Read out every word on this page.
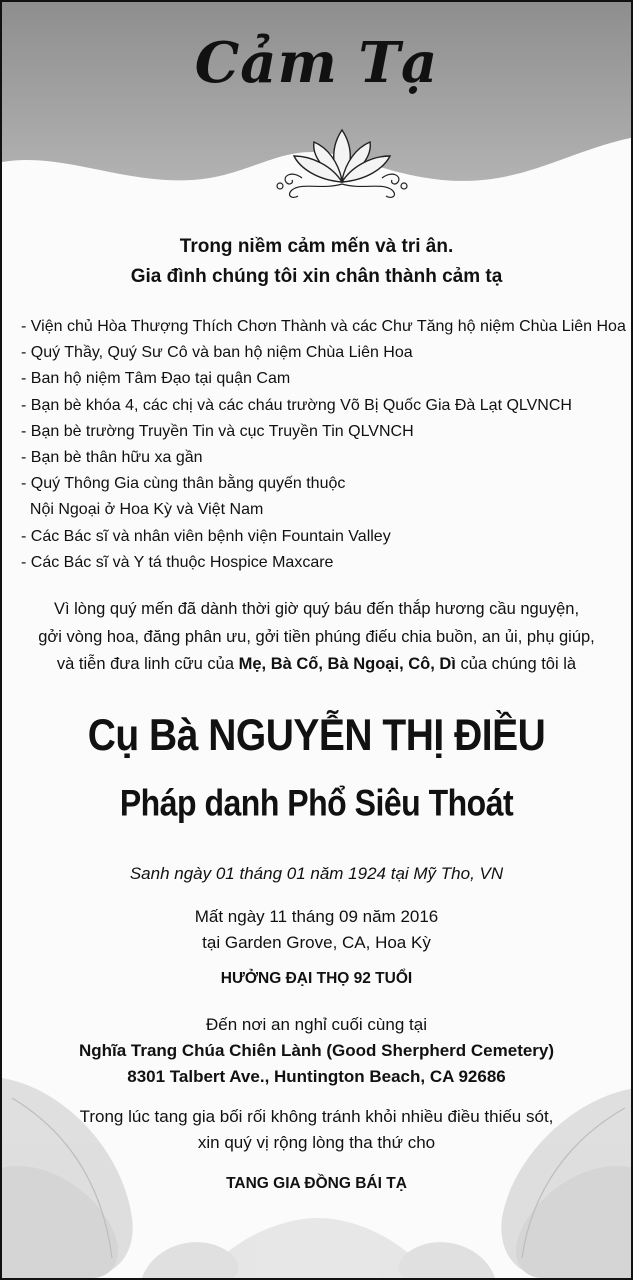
Cảm Tạ
Trong niềm cảm mến và tri ân.
Gia đình chúng tôi xin chân thành cảm tạ
- Viện chủ Hòa Thượng Thích Chơn Thành và các Chư Tăng hộ niệm Chùa Liên Hoa
- Quý Thầy, Quý Sư Cô và ban hộ niệm Chùa Liên Hoa
- Ban hộ niệm Tâm Đạo tại quận Cam
- Bạn bè khóa 4, các chị và các cháu trường Võ Bị Quốc Gia Đà Lạt QLVNCH
- Bạn bè trường Truyền Tin và cục Truyền Tin QLVNCH
- Bạn bè thân hữu xa gần
- Quý Thông Gia cùng thân bằng quyến thuộc
Nội Ngoại ở Hoa Kỳ và Việt Nam
- Các Bác sĩ và nhân viên bệnh viện Fountain Valley
- Các Bác sĩ và Y tá thuộc Hospice Maxcare
Vì lòng quý mến đã dành thời giờ quý báu đến thắp hương cầu nguyện,
gởi vòng hoa, đăng phân ưu, gởi tiền phúng điếu chia buồn, an ủi, phụ giúp,
và tiễn đưa linh cữu của Mẹ, Bà Cố, Bà Ngoại, Cô, Dì của chúng tôi là
Cụ Bà NGUYỄN THỊ ĐIỀU
Pháp danh Phổ Siêu Thoát
Sanh ngày 01 tháng 01 năm 1924 tại Mỹ Tho, VN
Mất ngày 11 tháng 09 năm 2016
tại Garden Grove, CA, Hoa Kỳ
HƯỞNG ĐẠI THỌ 92 TUỔI
Đến nơi an nghỉ cuối cùng tại
Nghĩa Trang Chúa Chiên Lành (Good Sherpherd Cemetery)
8301 Talbert Ave., Huntington Beach, CA 92686
Trong lúc tang gia bối rối không tránh khỏi nhiều điều thiếu sót,
xin quý vị rộng lòng tha thứ cho
TANG GIA ĐỒNG BÁI TẠ
